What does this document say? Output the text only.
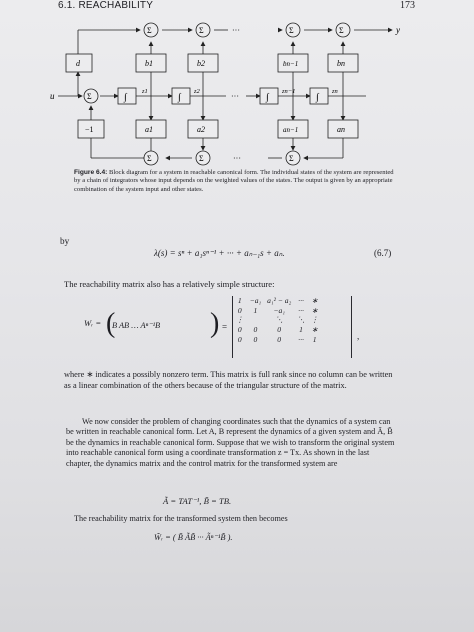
6.1. REACHABILITY	173
Σ	Σ	Σ	Σ
···	y
d	b1	b2	bn−1	bn
u	Σ	∫	∫	∫	∫
z1	z2	zn−1	zn
···
−1	a1	a2	an−1	an
Σ	Σ	Σ
···
Figure 6.4: Block diagram for a system in reachable canonical form. The individual states of the system are represented by a chain of integrators whose input depends on the weighted values of the states. The output is given by an appropriate combination of the system input and other states.
by
λ(s) = sⁿ + a₁sⁿ⁻¹ + ··· + aₙ₋₁s + aₙ.	(6.7)
The reachability matrix also has a relatively simple structure:
Wᵣ = (
B AB … Aⁿ⁻¹B ) =
1	−a₁	a₁² − a₂	···	∗
0	1	−a₁	···	∗
⋮		⋱	⋱	⋮
0	0	0	1	∗
0	0	0	···	1	,
where ∗ indicates a possibly nonzero term. This matrix is full rank since no column can be written as a linear combination of the others because of the triangular structure of the matrix.
We now consider the problem of changing coordinates such that the dynamics of a system can be written in reachable canonical form. Let A, B represent the dynamics of a given system and Ã, B̃ be the dynamics in reachable canonical form. Suppose that we wish to transform the original system into reachable canonical form using a coordinate transformation z = Tx. As shown in the last chapter, the dynamics matrix and the control matrix for the transformed system are
Ã = TAT⁻¹, B̃ = TB.
The reachability matrix for the transformed system then becomes
W̃ᵣ = ( B̃ ÃB̃ ··· Ãⁿ⁻¹B̃ ).
